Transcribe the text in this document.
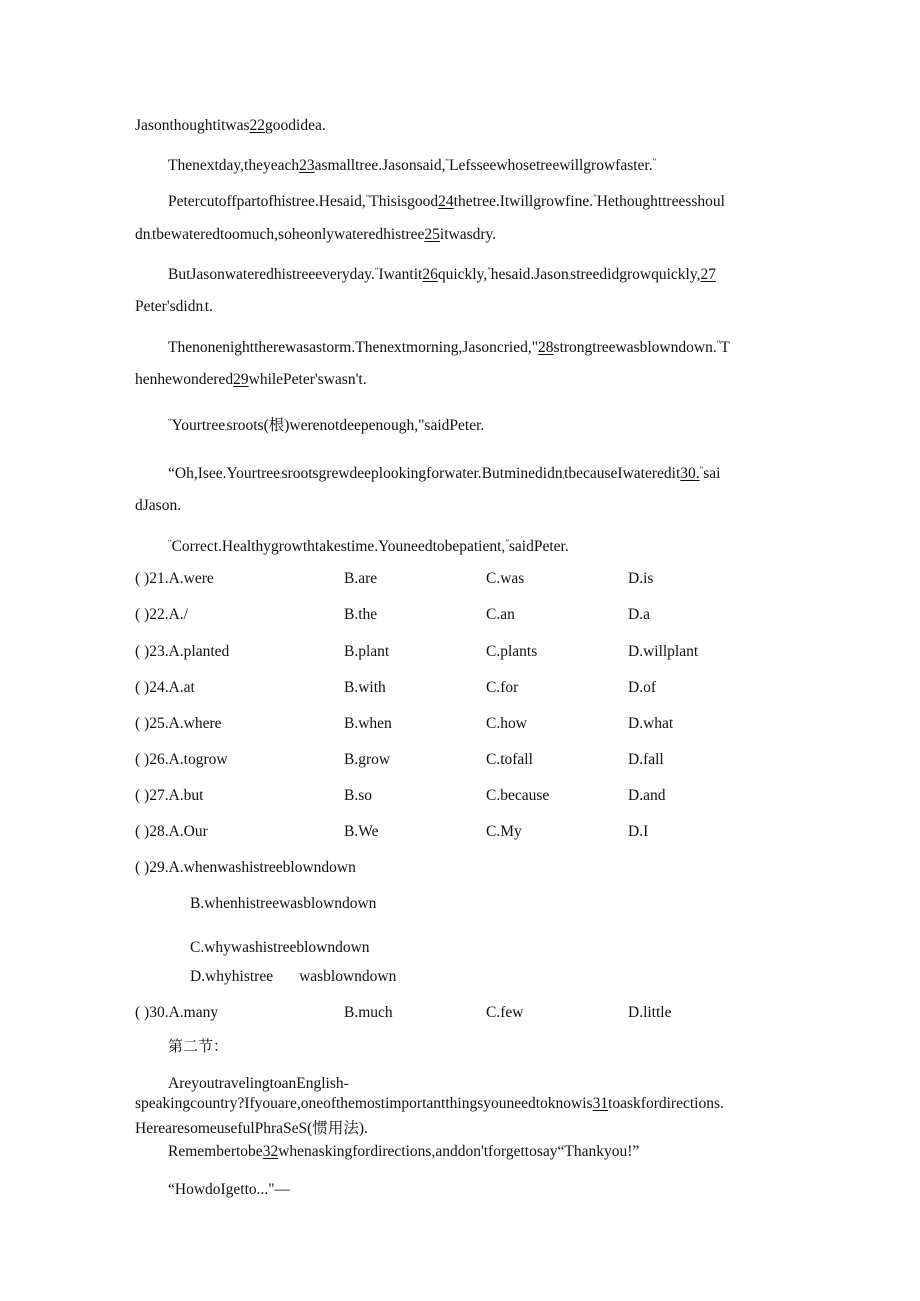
Jasonthoughtitwas22goodidea.
Thenextday,theyeach23asmalltree.Jasonsaid,“Lefsseewhosetreewillgrowfaster.”
Petercutoffpartofhistree.Hesaid,“Thisisgood24thetree.Itwillgrowfine.”Hethoughttreesshoul
$dn'tbewateredtoomuch,soheonlywateredhistree25itwasdry$.
ButJasonwateredhistreeeveryday.“Iwantit26quickly,”hesaid.Jason$'$streedidgrowquickly,27
Peter'sdidn$'$t.
Thenonenighttherewasastorm.Thenextmorning,Jasoncried,"28strongtreewasblowndown.”T
henhewondered29whilePeter'swasn't.
“Yourtree$'$sroots(根)werenotdeepenough,"saidPeter.
“Oh,Isee.Yourtree$'$srootsgrewdeeplookingforwater.Butminedidn$'$tbecauseIwateredit30.”sai
dJason.
“Correct.Healthygrowthtakestime.Youneedtobepatient,”saidPeter.
( )21.A.were	B.are	C.was	D.is
( )22.A./	B.the	C.an	D.a
( )23.A.planted	B.plant	C.plants	D.willplant
( )24.A.at	B.with	C.for	D.of
( )25.A.where	B.when	C.how	D.what
( )26.A.togrow	B.grow	C.tofall	D.fall
( )27.A.but	B.so	C.because	D.and
( )28.A.Our	B.We	C.My	D.I
( )29.A.whenwashistreeblowndown
B.whenhistreewasblowndown
C.whywashistreeblowndown
D.whyhistree wasblowndown
( )30.A.many	B.much	C.few	D.little
第二节：
AreyoutravelingtoanEnglish-
speakingcountry?Ifyouare,oneofthemostimportantthingsyouneedtoknowis31toaskfordirections.
HerearesomeusefulPhraSeS(惯用法).
Remembertobe32whenaskingfordirections,anddon'tforgettosay“Thankyou!”
“HowdoIgetto..."—
